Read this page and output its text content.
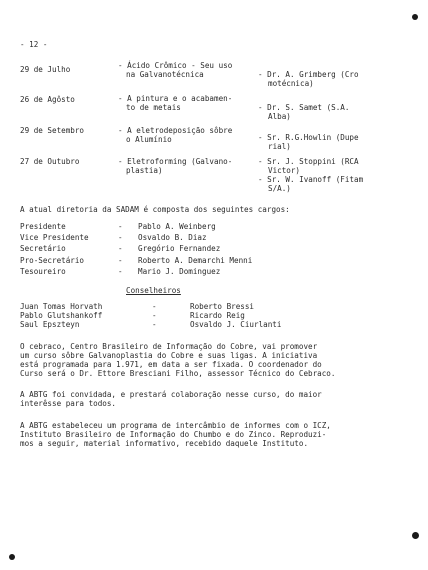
- 12 -
29 de Julho	- Ácido Crômico - Seu uso
na Galvanotécnica	- Dr. A. Grimberg (Cro
motécnica)
26 de Agôsto	- A pintura e o acabamen-
to de metais	- Dr. S. Samet (S.A.
Alba)
29 de Setembro	- A eletrodeposição sôbre
o Alumínio	- Sr. R.G.Howlin (Dupe
rial)
27 de Outubro	- Eletroforming (Galvano-
plastia)
- Sr. J. Stoppini (RCA
Victor)
- Sr. W. Ivanoff (Fitam
S/A.)
A atual diretoria da SADAM é composta dos seguintes cargos:
Presidente	- Pablo A. Weinberg
Vice Presidente	- Osvaldo B. Diaz
Secretário	- Gregório Fernandez
Pro-Secretário	- Roberto A. Demarchi Menni
Tesoureiro	- Mario J. Dominguez
Conselheiros
Juan Tomas Horvath	-	Roberto Bressi
Pablo Glutshankoff	-	Ricardo Reig
Saul Epszteyn	-	Osvaldo J. Ciurlanti
O cebraco, Centro Brasileiro de Informação do Cobre, vai promover
um curso sôbre Galvanoplastia do Cobre e suas ligas. A iniciativa
está programada para 1.971, em data a ser fixada. O coordenador do
Curso será o Dr. Ettore Bresciani Filho, assessor Técnico do Cebraco.
A ABTG foi convidada, e prestará colaboração nesse curso, do maior
interêsse para todos.
A ABTG estabeleceu um programa de intercâmbio de informes com o ICZ,
Instituto Brasileiro de Informação do Chumbo e do Zinco. Reproduzi-
mos a seguir, material informativo, recebido daquele Instituto.
